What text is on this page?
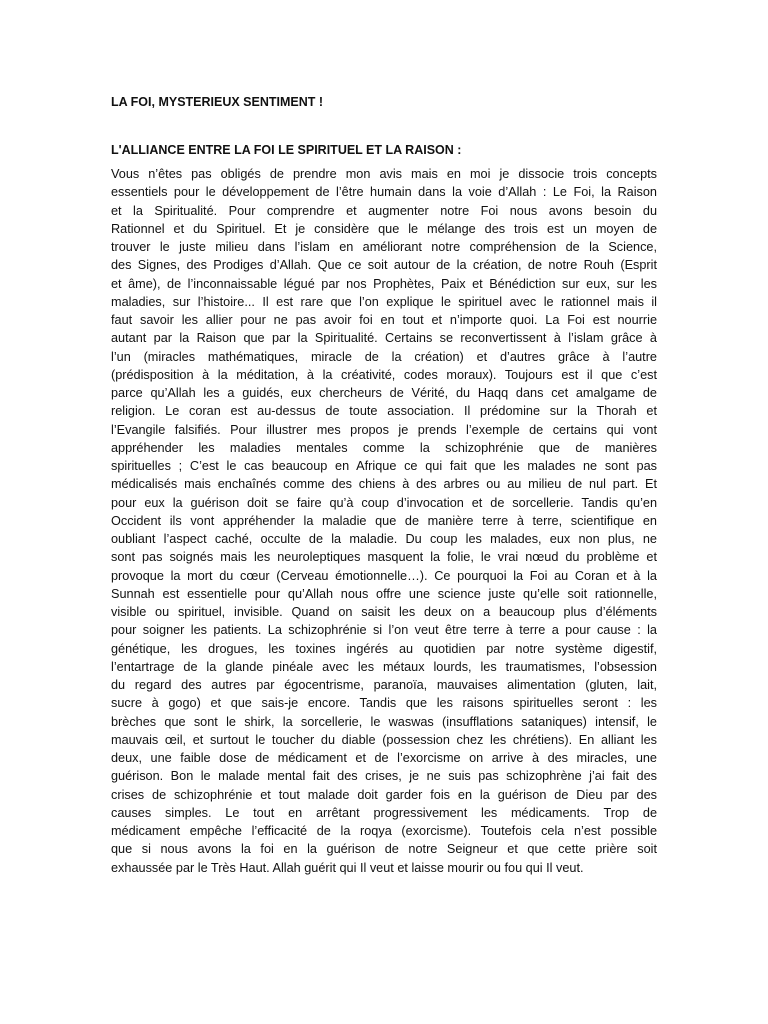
LA FOI, MYSTERIEUX SENTIMENT !
L'ALLIANCE ENTRE LA FOI LE SPIRITUEL ET LA RAISON :
Vous n’êtes pas obligés de prendre mon avis mais en moi je dissocie trois concepts
essentiels pour le développement de l’être humain dans la voie d’Allah : Le Foi, la Raison
et la Spiritualité. Pour comprendre et augmenter notre Foi nous avons besoin du
Rationnel et du Spirituel. Et je considère que le mélange des trois est un moyen de
trouver le juste milieu dans l’islam en améliorant notre compréhension de la Science,
des Signes, des Prodiges d’Allah. Que ce soit autour de la création, de notre Rouh (Esprit
et âme), de l’inconnaissable légué par nos Prophètes, Paix et Bénédiction sur eux, sur les
maladies, sur l’histoire... Il est rare que l’on explique le spirituel avec le rationnel mais il
faut savoir les allier pour ne pas avoir foi en tout et n’importe quoi. La Foi est nourrie
autant par la Raison que par la Spiritualité. Certains se reconvertissent à l’islam grâce à
l’un (miracles mathématiques, miracle de la création) et d’autres grâce à l’autre
(prédisposition à la méditation, à la créativité, codes moraux). Toujours est il que c’est
parce qu’Allah les a guidés, eux chercheurs de Vérité, du Haqq dans cet amalgame de
religion. Le coran est au-dessus de toute association. Il prédomine sur la Thorah et
l’Evangile falsifiés. Pour illustrer mes propos je prends l’exemple de certains qui vont
appréhender les maladies mentales comme la schizophrénie que de manières
spirituelles ; C’est le cas beaucoup en Afrique ce qui fait que les malades ne sont pas
médicalisés mais enchaînés comme des chiens à des arbres ou au milieu de nul part. Et
pour eux la guérison doit se faire qu’à coup d’invocation et de sorcellerie. Tandis qu’en
Occident ils vont appréhender la maladie que de manière terre à terre, scientifique en
oubliant l’aspect caché, occulte de la maladie. Du coup les malades, eux non plus, ne
sont pas soignés mais les neuroleptiques masquent la folie, le vrai nœud du problème et
provoque la mort du cœur (Cerveau émotionnelle…). Ce pourquoi la Foi au Coran et à la
Sunnah est essentielle pour qu’Allah nous offre une science juste qu’elle soit rationnelle,
visible ou spirituel, invisible. Quand on saisit les deux on a beaucoup plus d’éléments
pour soigner les patients. La schizophrénie si l’on veut être terre à terre a pour cause : la
génétique, les drogues, les toxines ingérés au quotidien par notre système digestif,
l’entartrage de la glande pinéale avec les métaux lourds, les traumatismes, l’obsession
du regard des autres par égocentrisme, paranoïa, mauvaises alimentation (gluten, lait,
sucre à gogo) et que sais-je encore. Tandis que les raisons spirituelles seront : les
brèches que sont le shirk, la sorcellerie, le waswas (insufflations sataniques) intensif, le
mauvais œil, et surtout le toucher du diable (possession chez les chrétiens). En alliant les
deux, une faible dose de médicament et de l’exorcisme on arrive à des miracles, une
guérison. Bon le malade mental fait des crises, je ne suis pas schizophrène j’ai fait des
crises de schizophrénie et tout malade doit garder fois en la guérison de Dieu par des
causes simples. Le tout en arrêtant progressivement les médicaments. Trop de
médicament empêche l’efficacité de la roqya (exorcisme). Toutefois cela n’est possible
que si nous avons la foi en la guérison de notre Seigneur et que cette prière soit
exhaussée par le Très Haut. Allah guérit qui Il veut et laisse mourir ou fou qui Il veut.
